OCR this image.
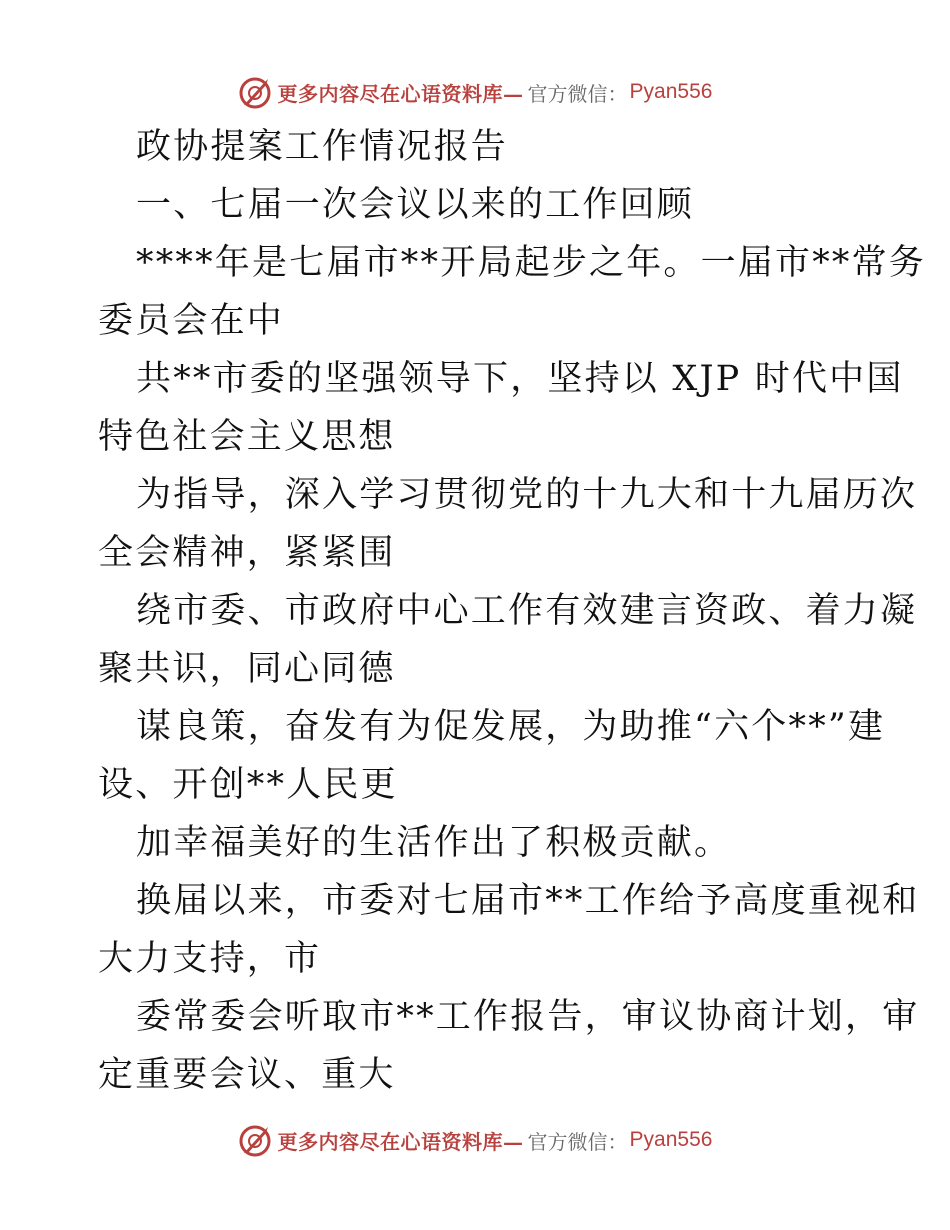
更多内容尽在心语资料库— 官方微信： Pyan556

政协提案工作情况报告

一、七届一次会议以来的工作回顾

****年是七届市**开局起步之年。一届市**常务

委员会在中

共**市委的坚强领导下，坚持以 XJP 时代中国

特色社会主义思想

为指导，深入学习贯彻党的十九大和十九届历次

全会精神，紧紧围

绕市委、市政府中心工作有效建言资政、着力凝

聚共识，同心同德

谋良策，奋发有为促发展，为助推“六个**”建

设、开创**人民更

加幸福美好的生活作出了积极贡献。

换届以来，市委对七届市**工作给予高度重视和

大力支持，市

委常委会听取市**工作报告，审议协商计划，审

定重要会议、重大

更多内容尽在心语资料库— 官方微信： Pyan556
